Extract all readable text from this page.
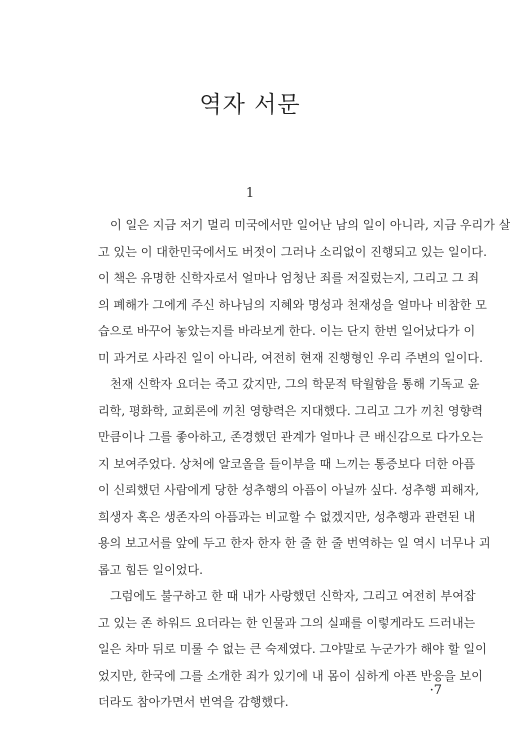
역자 서문
1
이 일은 지금 저기 멀리 미국에서만 일어난 남의 일이 아니라, 지금 우리가 살
고 있는 이 대한민국에서도 버젓이 그러나 소리없이 진행되고 있는 일이다.
이 책은 유명한 신학자로서 얼마나 엄청난 죄를 저질렀는지, 그리고 그 죄
의 폐해가 그에게 주신 하나님의 지혜와 명성과 천재성을 얼마나 비참한 모
습으로 바꾸어 놓았는지를 바라보게 한다. 이는 단지 한번 일어났다가 이
미 과거로 사라진 일이 아니라, 여전히 현재 진행형인 우리 주변의 일이다.
천재 신학자 요더는 죽고 갔지만, 그의 학문적 탁월함을 통해 기독교 윤
리학, 평화학, 교회론에 끼친 영향력은 지대했다. 그리고 그가 끼친 영향력
만큼이나 그를 좋아하고, 존경했던 관계가 얼마나 큰 배신감으로 다가오는
지 보여주었다. 상처에 알코올을 들이부을 때 느끼는 통증보다 더한 아픔
이 신뢰했던 사람에게 당한 성추행의 아픔이 아닐까 싶다. 성추행 피해자,
희생자 혹은 생존자의 아픔과는 비교할 수 없겠지만, 성추행과 관련된 내
용의 보고서를 앞에 두고 한자 한자 한 줄 한 줄 번역하는 일 역시 너무나 괴
롭고 힘든 일이었다.
그럼에도 불구하고 한 때 내가 사랑했던 신학자, 그리고 여전히 부여잡
고 있는 존 하워드 요더라는 한 인물과 그의 실패를 이렇게라도 드러내는
일은 차마 뒤로 미룰 수 없는 큰 숙제였다. 그야말로 누군가가 해야 할 일이
었지만, 한국에 그를 소개한 죄가 있기에 내 몸이 심하게 아픈 반응을 보이
더라도 참아가면서 번역을 감행했다.
·7
